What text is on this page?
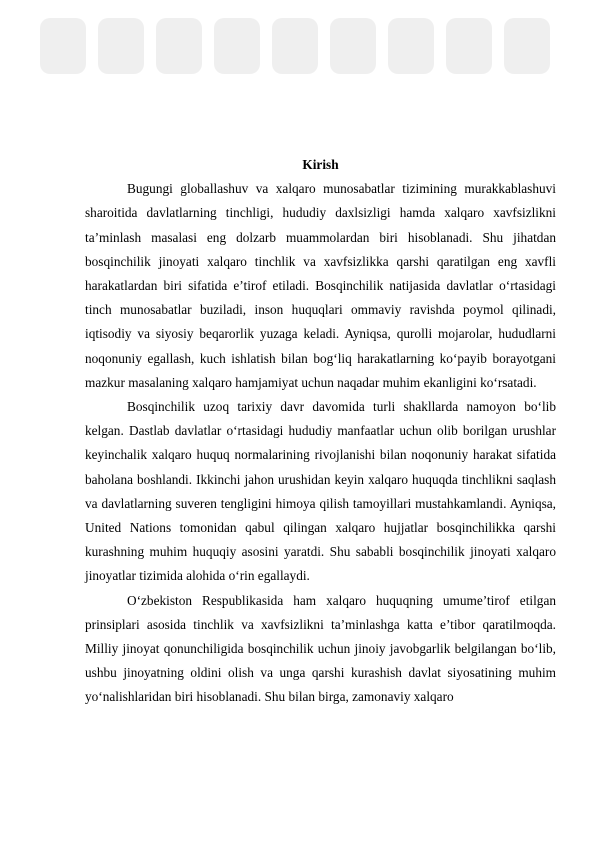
Kirish

Bugungi globallashuv va xalqaro munosabatlar tizimining murakkablashuvi sharoitida davlatlarning tinchligi, hududiy daxlsizligi hamda xalqaro xavfsizlikni ta’minlash masalasi eng dolzarb muammolardan biri hisoblanadi. Shu jihatdan bosqinchilik jinoyati xalqaro tinchlik va xavfsizlikka qarshi qaratilgan eng xavfli harakatlardan biri sifatida e’tirof etiladi. Bosqinchilik natijasida davlatlar o‘rtasidagi tinch munosabatlar buziladi, inson huquqlari ommaviy ravishda poymol qilinadi, iqtisodiy va siyosiy beqarorlik yuzaga keladi. Ayniqsa, qurolli mojarolar, hududlarni noqonuniy egallash, kuch ishlatish bilan bog‘liq harakatlarning ko‘payib borayotgani mazkur masalaning xalqaro hamjamiyat uchun naqadar muhim ekanligini ko‘rsatadi.

Bosqinchilik uzoq tarixiy davr davomida turli shakllarda namoyon bo‘lib kelgan. Dastlab davlatlar o‘rtasidagi hududiy manfaatlar uchun olib borilgan urushlar keyinchalik xalqaro huquq normalarining rivojlanishi bilan noqonuniy harakat sifatida baholana boshlandi. Ikkinchi jahon urushidan keyin xalqaro huquqda tinchlikni saqlash va davlatlarning suveren tengligini himoya qilish tamoyillari mustahkamlandi. Ayniqsa, United Nations tomonidan qabul qilingan xalqaro hujjatlar bosqinchilikka qarshi kurashning muhim huquqiy asosini yaratdi. Shu sababli bosqinchilik jinoyati xalqaro jinoyatlar tizimida alohida o‘rin egallaydi.

O‘zbekiston Respublikasida ham xalqaro huquqning umume’tirof etilgan prinsiplari asosida tinchlik va xavfsizlikni ta’minlashga katta e’tibor qaratilmoqda. Milliy jinoyat qonunchiligida bosqinchilik uchun jinoiy javobgarlik belgilangan bo‘lib, ushbu jinoyatning oldini olish va unga qarshi kurashish davlat siyosatining muhim yo‘nalishlaridan biri hisoblanadi. Shu bilan birga, zamonaviy xalqaro
